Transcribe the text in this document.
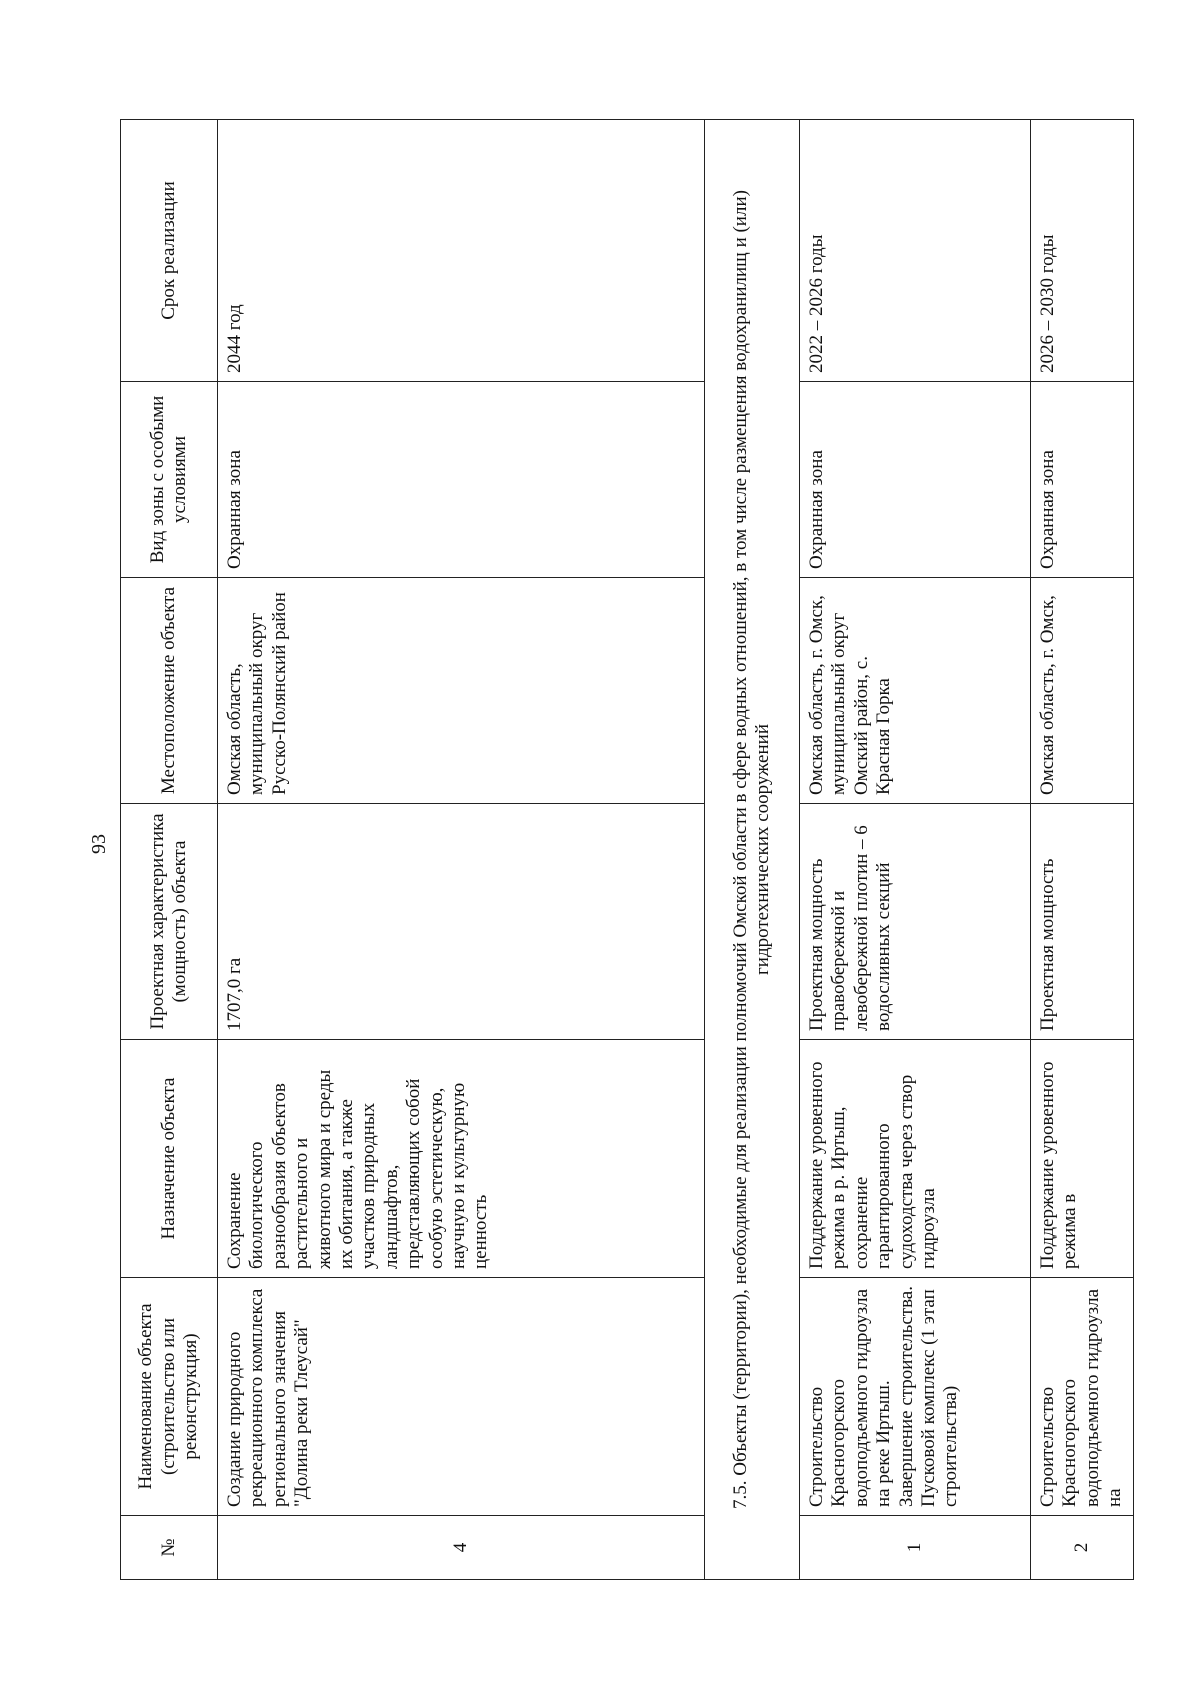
93
№	Наименование объекта (строительство или реконструкция)	Назначение объекта	Проектная характеристика (мощность) объекта	Местоположение объекта	Вид зоны с особыми условиями	Срок реализации
4	Создание природного рекреационного комплекса регионального значения "Долина реки Тлеусай"	Сохранение биологического разнообразия объектов растительного и животного мира и среды их обитания, а также участков природных ландшафтов, представляющих собой особую эстетическую, научную и культурную ценность	1707,0 га	Омская область, муниципальный округ Русско-Полянский район	Охранная зона	2044 год
7.5. Объекты (территории), необходимые для реализации полномочий Омской области в сфере водных отношений, в том числе размещения водохранилищ и (или) гидротехнических сооружений						
1	Строительство Красногорского водоподъемного гидроузла на реке Иртыш. Завершение строительства. Пусковой комплекс (1 этап строительства)	Поддержание уровенного режима в р. Иртыш, сохранение гарантированного судоходства через створ гидроузла	Проектная мощность правобережной и левобережной плотин – 6 водосливных секций	Омская область, г. Омск, муниципальный округ Омский район, с. Красная Горка	Охранная зона	2022 – 2026 годы
2	Строительство Красногорского водоподъемного гидроузла на	Поддержание уровенного режима в	Проектная мощность	Омская область, г. Омск,	Охранная зона	2026 – 2030 годы
